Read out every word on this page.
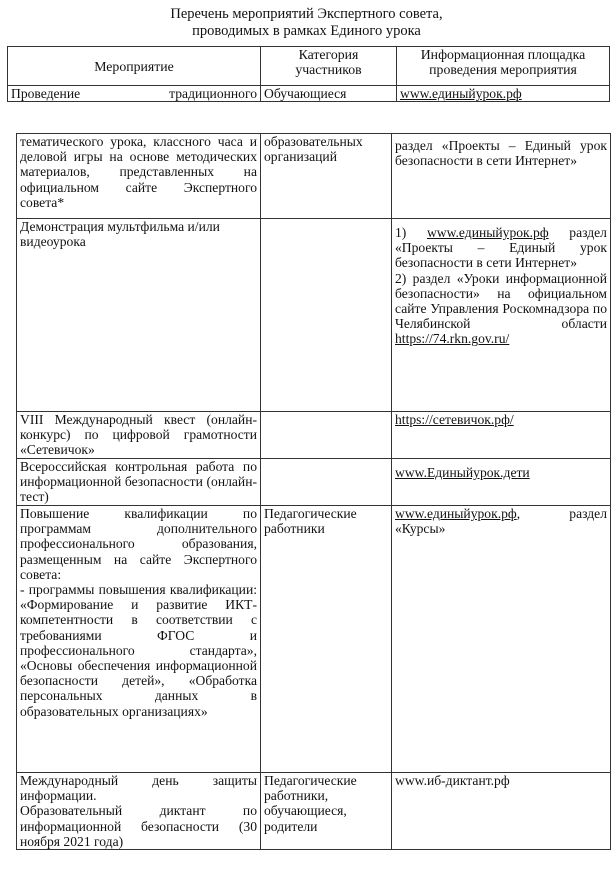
Перечень мероприятий Экспертного совета,
проводимых в рамках Единого урока
Мероприятие	Категория участников	Информационная площадка проведения мероприятия
Проведение традиционного	Обучающиеся	www.единыйурок.рф
тематического урока, классного часа и деловой игры на основе методических материалов, представленных на официальном сайте Экспертного совета*	образовательных организаций	раздел «Проекты – Единый урок безопасности в сети Интернет»
Демонстрация мультфильма и/или видеоурока		1) www.единыйурок.рф раздел «Проекты – Единый урок безопасности в сети Интернет»

2) раздел «Уроки информационной безопасности» на официальном сайте Управления Роскомнадзора по Челябинской области https://74.rkn.gov.ru/

VIII Международный квест (онлайн-конкурс) по цифровой грамотности «Сетевичок»		https://сетевичок.рф/
Всероссийская контрольная работа по информационной безопасности (онлайн-тест)		www.Единыйурок.дети

Повышение квалификации по программам дополнительного профессионального образования, размещенным на сайте Экспертного совета:

- программы повышения квалификации: «Формирование и развитие ИКТ-компетентности в соответствии с требованиями ФГОС и профессионального стандарта», «Основы обеспечения информационной безопасности детей», «Обработка персональных данных в образовательных организациях»	Педагогические работники	www.единыйурок.рф, раздел «Курсы»

Международный день защиты информации.

Образовательный диктант по информационной безопасности (30 ноября 2021 года)	Педагогические работники, обучающиеся, родители	www.иб-диктант.рф
